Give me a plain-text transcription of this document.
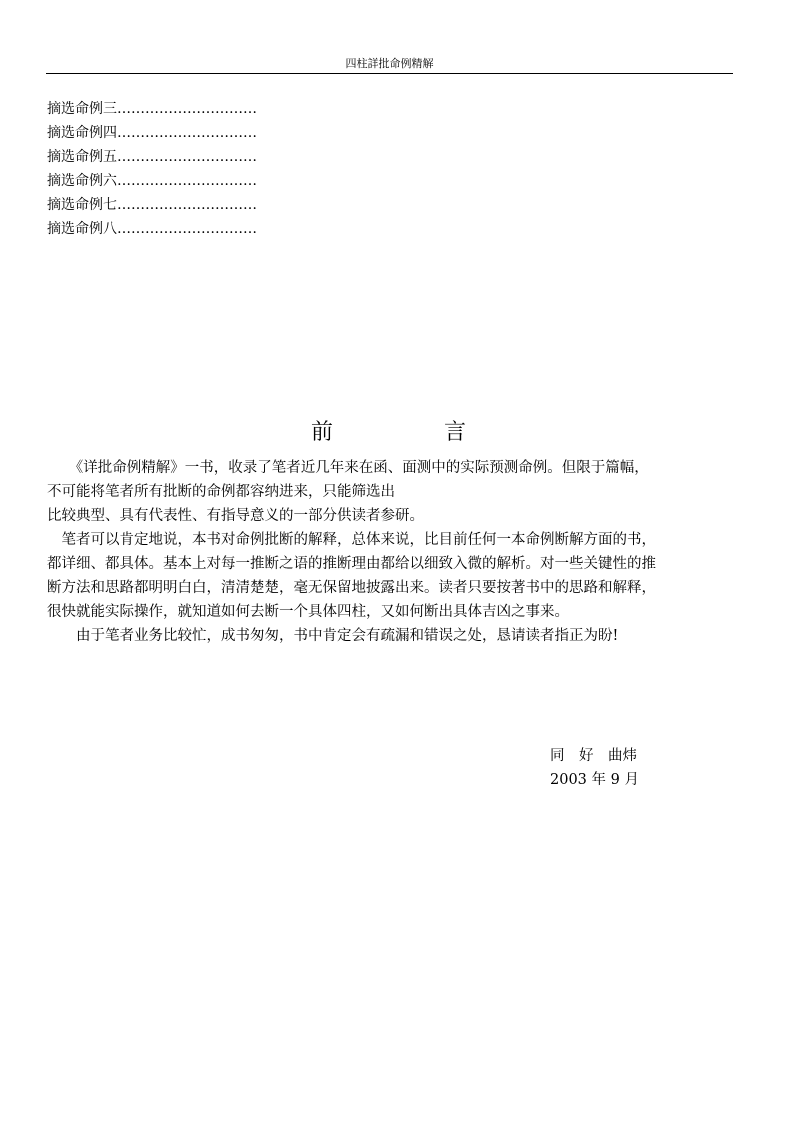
四柱詳批命例精解
摘选命例三…………………………
摘选命例四…………………………
摘选命例五…………………………
摘选命例六…………………………
摘选命例七…………………………
摘选命例八…………………………
前	言

　　《详批命例精解》一书，收录了笔者近几年来在函、面测中的实际预测命例。但限于篇幅，

不可能将笔者所有批断的命例都容纳进来，只能筛选出

比较典型、具有代表性、有指导意义的一部分供读者参研。

　笔者可以肯定地说，本书对命例批断的解释，总体来说，比目前任何一本命例断解方面的书，

都详细、都具体。基本上对每一推断之语的推断理由都给以细致入微的解析。对一些关键性的推

断方法和思路都明明白白，清清楚楚，毫无保留地披露出来。读者只要按著书中的思路和解释，

很快就能实际操作，就知道如何去断一个具体四柱，又如何断出具体吉凶之事来。

　　由于笔者业务比较忙，成书匆匆，书中肯定会有疏漏和错误之处，恳请读者指正为盼!

同　好　曲炜
2003 年 9 月
